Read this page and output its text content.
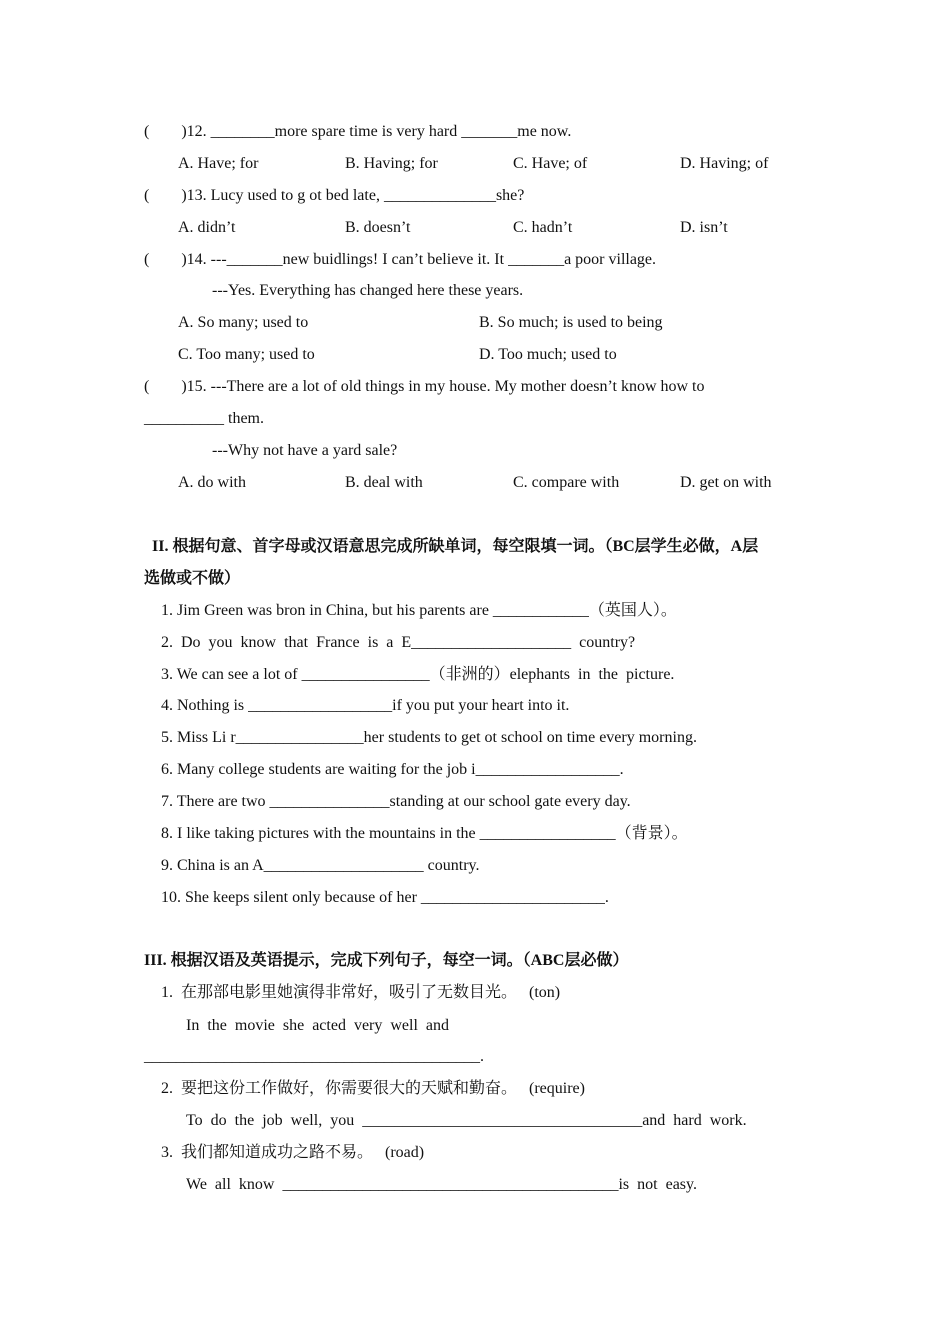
(        )12. ________more spare time is very hard _______me now.
A. Have; for	B. Having; for	C. Have; of	D. Having; of
(        )13. Lucy used to g ot bed late, ______________she?
A. didn’t	B. doesn’t	C. hadn’t	D. isn’t
(        )14. ---_______new buidlings! I can’t believe it. It _______a poor village.
---Yes. Everything has changed here these years.
A. So many; used to	B. So much; is used to being
C. Too many; used to	D. Too much; used to
(        )15. ---There are a lot of old things in my house. My mother doesn’t know how to
__________ them.
---Why not have a yard sale?
A. do with	B. deal with	C. compare with	D. get on with
II. 根据句意、首字母或汉语意思完成所缺单词，每空限填一词。（BC层学生必做，A层
选做或不做）
1. Jim Green was bron in China, but his parents are ____________（英国人）。
2.  Do  you  know  that  France  is  a  E____________________  country?
3. We can see a lot of ________________（非洲的）elephants  in  the  picture.
4. Nothing is __________________if you put your heart into it.
5. Miss Li r________________her students to get ot school on time every morning.
6. Many college students are waiting for the job i__________________.
7. There are two _______________standing at our school gate every day.
8. I like taking pictures with the mountains in the _________________（背景）。
9. China is an A____________________ country.
10. She keeps silent only because of her _______________________.
III. 根据汉语及英语提示，完成下列句子，每空一词。（ABC层必做）
1.  在那部电影里她演得非常好，吸引了无数目光。   (ton)
In  the  movie  she  acted  very  well  and
__________________________________________.
2.  要把这份工作做好，你需要很大的天赋和勤奋。   (require)
To  do  the  job  well,  you  ___________________________________and  hard  work.
3.  我们都知道成功之路不易。   (road)
We  all  know  __________________________________________is  not  easy.
